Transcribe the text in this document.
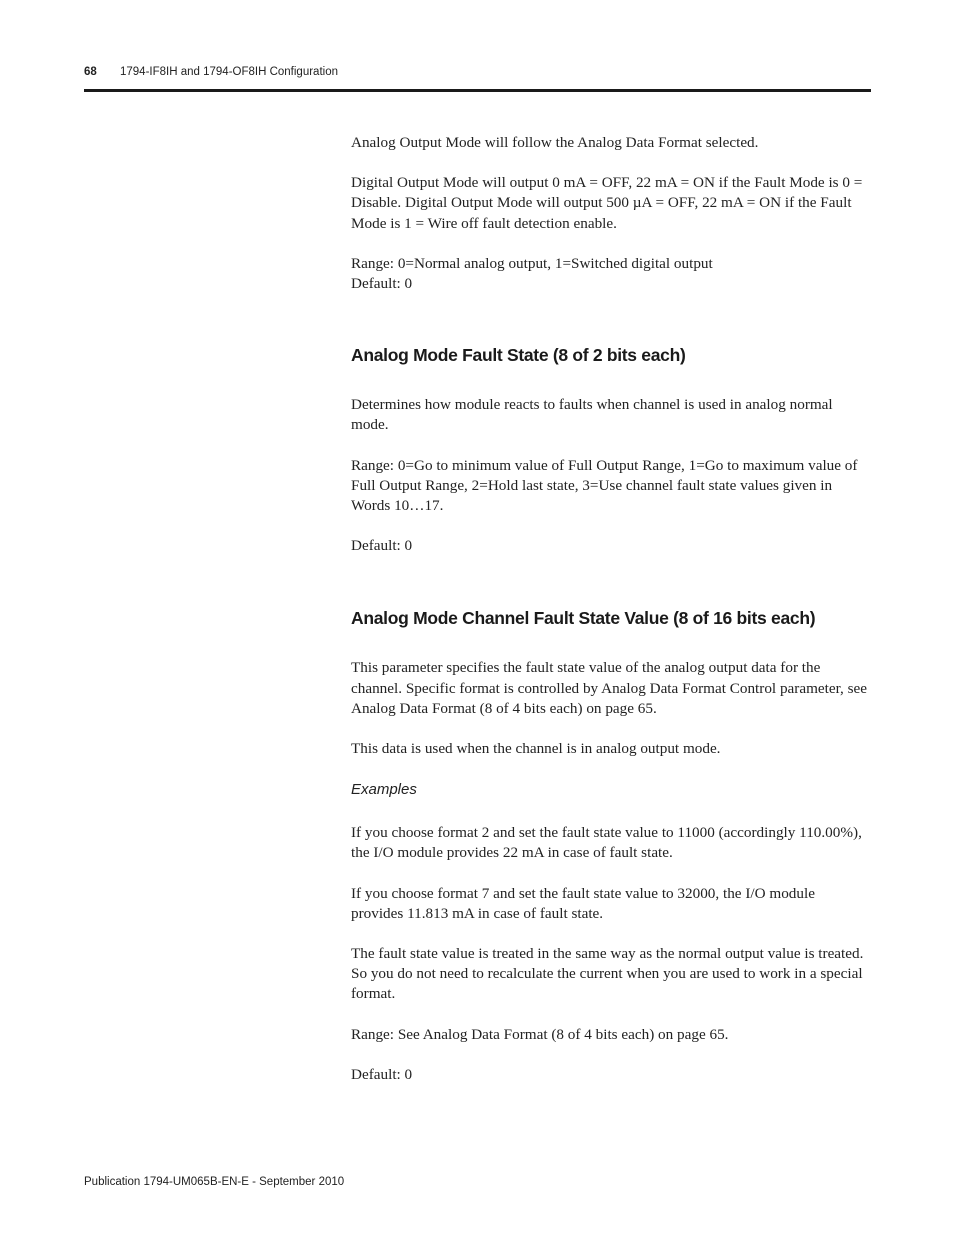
68 1794-IF8IH and 1794-OF8IH Configuration

Analog Output Mode will follow the Analog Data Format selected.

Digital Output Mode will output 0 mA = OFF, 22 mA = ON if the Fault Mode is 0 = Disable. Digital Output Mode will output 500 µA = OFF, 22 mA = ON if the Fault Mode is 1 = Wire off fault detection enable.

Range: 0=Normal analog output, 1=Switched digital output

Default: 0

Analog Mode Fault State (8 of 2 bits each)

Determines how module reacts to faults when channel is used in analog normal mode.

Range: 0=Go to minimum value of Full Output Range, 1=Go to maximum value of Full Output Range, 2=Hold last state, 3=Use channel fault state values given in Words 10…17.

Default: 0

Analog Mode Channel Fault State Value (8 of 16 bits each)

This parameter specifies the fault state value of the analog output data for the channel. Specific format is controlled by Analog Data Format Control parameter, see Analog Data Format (8 of 4 bits each) on page 65.

This data is used when the channel is in analog output mode.

Examples

If you choose format 2 and set the fault state value to 11000 (accordingly 110.00%), the I/O module provides 22 mA in case of fault state.

If you choose format 7 and set the fault state value to 32000, the I/O module provides 11.813 mA in case of fault state.

The fault state value is treated in the same way as the normal output value is treated. So you do not need to recalculate the current when you are used to work in a special format.

Range: See Analog Data Format (8 of 4 bits each) on page 65.

Default: 0

Publication 1794-UM065B-EN-E - September 2010
